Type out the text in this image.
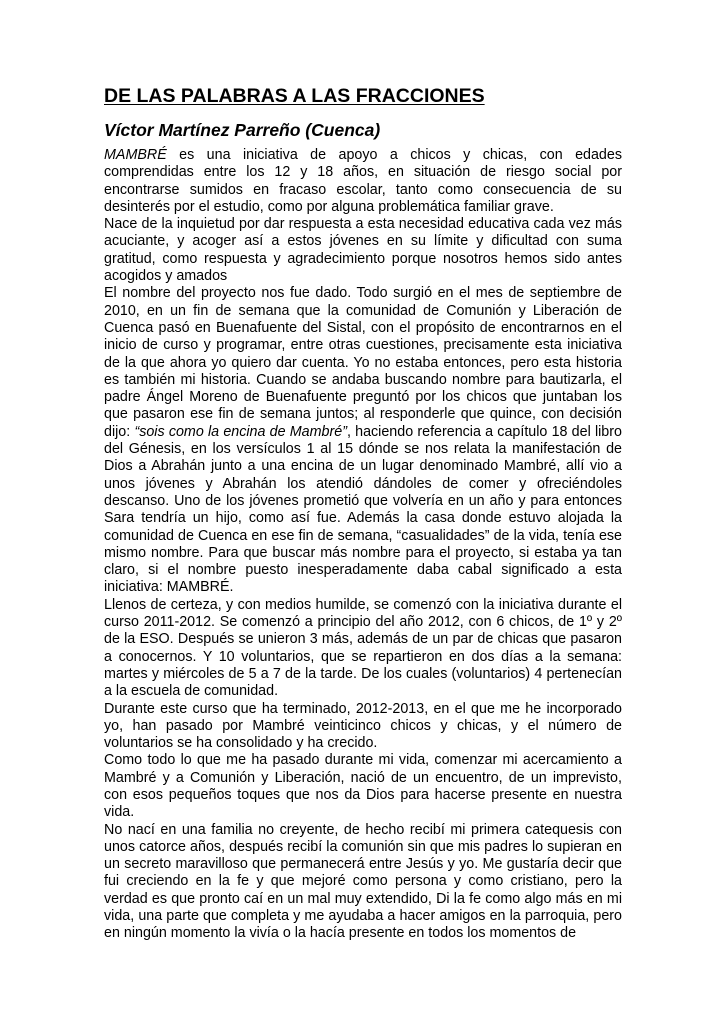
DE LAS PALABRAS A LAS FRACCIONES
Víctor Martínez Parreño (Cuenca)

MAMBRÉ es una iniciativa de apoyo a chicos y chicas, con edades comprendidas entre los 12 y 18 años, en situación de riesgo social por encontrarse sumidos en fracaso escolar, tanto como consecuencia de su desinterés por el estudio, como por alguna problemática familiar grave.

Nace de la inquietud por dar respuesta a esta necesidad educativa cada vez más acuciante, y acoger así a estos jóvenes en su límite y dificultad con suma gratitud, como respuesta y agradecimiento porque nosotros hemos sido antes acogidos y amados

El nombre del proyecto nos fue dado. Todo surgió en el mes de septiembre de 2010, en un fin de semana que la comunidad de Comunión y Liberación de Cuenca pasó en Buenafuente del Sistal, con el propósito de encontrarnos en el inicio de curso y programar, entre otras cuestiones, precisamente esta iniciativa de la que ahora yo quiero dar cuenta. Yo no estaba entonces, pero esta historia es también mi historia. Cuando se andaba buscando nombre para bautizarla, el padre Ángel Moreno de Buenafuente preguntó por los chicos que juntaban los que pasaron ese fin de semana juntos; al responderle que quince, con decisión dijo: “sois como la encina de Mambré”, haciendo referencia a capítulo 18 del libro del Génesis, en los versículos 1 al 15 dónde se nos relata la manifestación de Dios a Abrahán junto a una encina de un lugar denominado Mambré, allí vio a unos jóvenes y Abrahán los atendió dándoles de comer y ofreciéndoles descanso. Uno de los jóvenes prometió que volvería en un año y para entonces Sara tendría un hijo, como así fue. Además la casa donde estuvo alojada la comunidad de Cuenca en ese fin de semana, “casualidades” de la vida, tenía ese mismo nombre. Para que buscar más nombre para el proyecto, si estaba ya tan claro, si el nombre puesto inesperadamente daba cabal significado a esta iniciativa: MAMBRÉ.

Llenos de certeza, y con medios humilde, se comenzó con la iniciativa durante el curso 2011-2012. Se comenzó a principio del año 2012, con 6 chicos, de 1º y 2º de la ESO. Después se unieron 3 más, además de un par de chicas que pasaron a conocernos. Y 10 voluntarios, que se repartieron en dos días a la semana: martes y miércoles de 5 a 7 de la tarde. De los cuales (voluntarios) 4 pertenecían a la escuela de comunidad.

Durante este curso que ha terminado, 2012-2013, en el que me he incorporado yo, han pasado por Mambré veinticinco chicos y chicas, y el número de voluntarios se ha consolidado y ha crecido.

Como todo lo que me ha pasado durante mi vida, comenzar mi acercamiento a Mambré y a Comunión y Liberación, nació de un encuentro, de un imprevisto, con esos pequeños toques que nos da Dios para hacerse presente en nuestra vida.

No nací en una familia no creyente, de hecho recibí mi primera catequesis con unos catorce años, después recibí la comunión sin que mis padres lo supieran en un secreto maravilloso que permanecerá entre Jesús y yo. Me gustaría decir que fui creciendo en la fe y que mejoré como persona y como cristiano, pero la verdad es que pronto caí en un mal muy extendido, Di la fe como algo más en mi vida, una parte que completa y me ayudaba a hacer amigos en la parroquia, pero en ningún momento la vivía o la hacía presente en todos los momentos de
